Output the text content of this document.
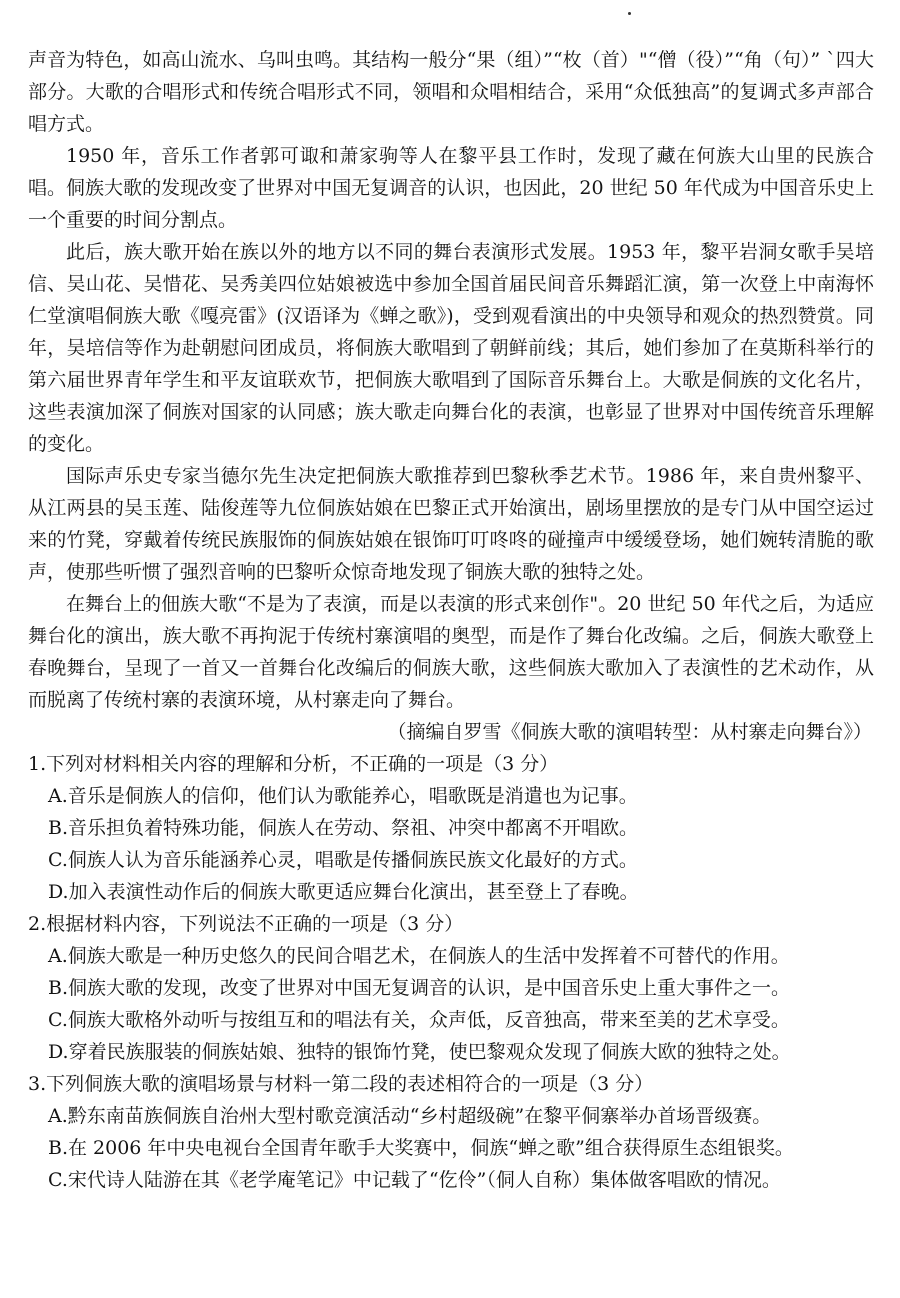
声音为特色，如高山流水、乌叫虫鸣。其结构一般分“果（组）”“枚（首）"“僧（役）”“角（句）” `四大部分。大歌的合唱形式和传统合唱形式不同，领唱和众唱相结合，采用“众低独高”的复调式多声部合唱方式。

1950 年，音乐工作者郭可诹和萧家驹等人在黎平县工作时，发现了藏在何族大山里的民族合唱。侗族大歌的发现改变了世界对中国无复调音的认识，也因此，20 世纪 50 年代成为中国音乐史上一个重要的时间分割点。

此后，族大歌开始在族以外的地方以不同的舞台表演形式发展。1953 年，黎平岩洞女歌手吴培信、吴山花、吴惜花、吴秀美四位姑娘被选中参加全国首届民间音乐舞蹈汇演，第一次登上中南海怀仁堂演唱侗族大歌《嘎亮雷》(汉语译为《蝉之歌》)，受到观看演出的中央领导和观众的热烈赞赏。同年，吴培信等作为赴朝慰问团成员，将侗族大歌唱到了朝鲜前线；其后，她们参加了在莫斯科举行的第六届世界青年学生和平友谊联欢节，把侗族大歌唱到了国际音乐舞台上。大歌是侗族的文化名片，这些表演加深了侗族对国家的认同感；族大歌走向舞台化的表演，也彰显了世界对中国传统音乐理解的变化。

国际声乐史专家当德尔先生决定把侗族大歌推荐到巴黎秋季艺术节。1986 年，来自贵州黎平、从江两县的吴玉莲、陆俊莲等九位侗族姑娘在巴黎正式开始演出，剧场里摆放的是专门从中国空运过来的竹凳，穿戴着传统民族服饰的侗族姑娘在银饰叮叮咚咚的碰撞声中缓缓登场，她们婉转清脆的歌声，使那些听惯了强烈音响的巴黎听众惊奇地发现了铜族大歌的独特之处。

在舞台上的佃族大歌“不是为了表演，而是以表演的形式来创作"。20 世纪 50 年代之后，为适应舞台化的演出，族大歌不再拘泥于传统村寨演唱的奥型，而是作了舞台化改编。之后，侗族大歌登上春晚舞台，呈现了一首又一首舞台化改编后的侗族大歌，这些侗族大歌加入了表演性的艺术动作，从而脱离了传统村寨的表演环境，从村寨走向了舞台。

（摘编自罗雪《侗族大歌的演唱转型：从村寨走向舞台》）

1.下列对材料相关内容的理解和分析，不正确的一项是（3 分）

A.音乐是侗族人的信仰，他们认为歌能养心，唱歌既是消遣也为记事。

B.音乐担负着特殊功能，侗族人在劳动、祭祖、冲突中都离不开唱欧。

C.侗族人认为音乐能涵养心灵，唱歌是传播侗族民族文化最好的方式。

D.加入表演性动作后的侗族大歌更适应舞台化演出，甚至登上了春晚。

2.根据材料内容，下列说法不正确的一项是（3 分）

A.侗族大歌是一种历史悠久的民间合唱艺术，在侗族人的生活中发挥着不可替代的作用。

B.侗族大歌的发现，改变了世界对中国无复调音的认识，是中国音乐史上重大事件之一。

C.侗族大歌格外动听与按组互和的唱法有关，众声低，反音独高，带来至美的艺术享受。

D.穿着民族服装的侗族姑娘、独特的银饰竹凳，使巴黎观众发现了侗族大欧的独特之处。

3.下列侗族大歌的演唱场景与材料一第二段的表述相符合的一项是（3 分）

A.黔东南苗族侗族自治州大型村歌竞演活动“乡村超级碗”在黎平侗寨举办首场晋级赛。

B.在 2006 年中央电视台全国青年歌手大奖赛中，侗族“蝉之歌”组合获得原生态组银奖。

C.宋代诗人陆游在其《老学庵笔记》中记载了“仡伶”（侗人自称）集体做客唱欧的情况。
